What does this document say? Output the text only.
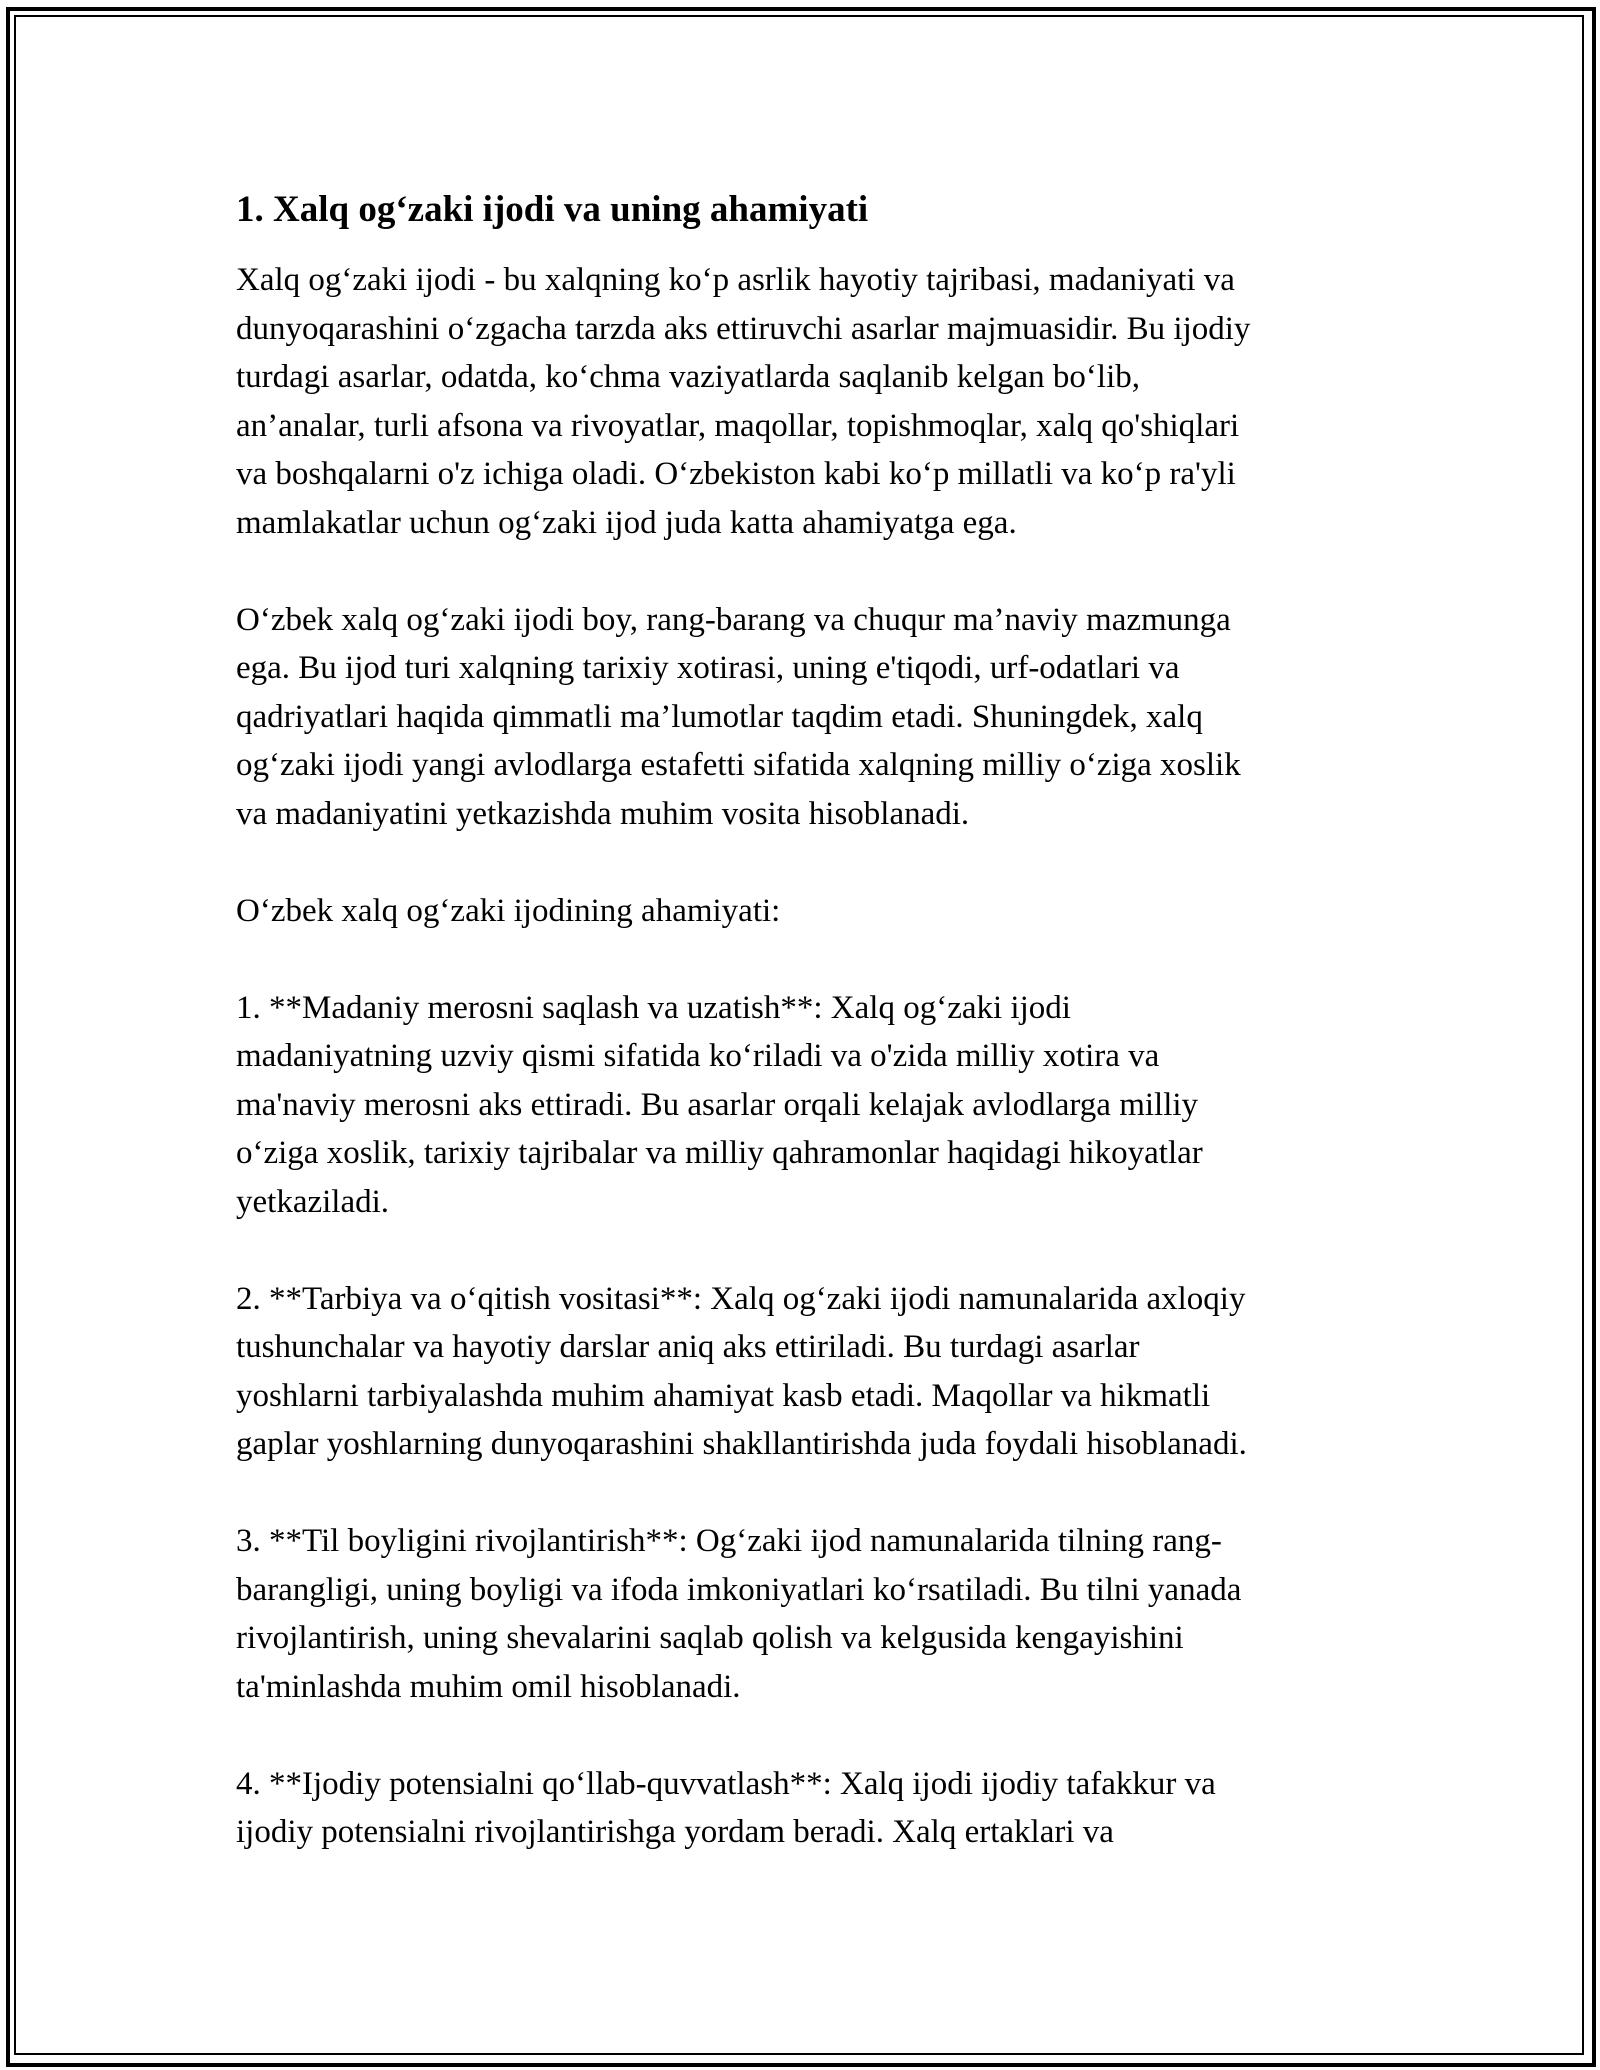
1. Xalq og‘zaki ijodi va uning ahamiyati

Xalq og‘zaki ijodi - bu xalqning ko‘p asrlik hayotiy tajribasi, madaniyati va
dunyoqarashini o‘zgacha tarzda aks ettiruvchi asarlar majmuasidir. Bu ijodiy
turdagi asarlar, odatda, ko‘chma vaziyatlarda saqlanib kelgan bo‘lib,
an’analar, turli afsona va rivoyatlar, maqollar, topishmoqlar, xalq qo'shiqlari
va boshqalarni o'z ichiga oladi. O‘zbekiston kabi ko‘p millatli va ko‘p ra'yli
mamlakatlar uchun og‘zaki ijod juda katta ahamiyatga ega.

O‘zbek xalq og‘zaki ijodi boy, rang-barang va chuqur ma’naviy mazmunga
ega. Bu ijod turi xalqning tarixiy xotirasi, uning e'tiqodi, urf-odatlari va
qadriyatlari haqida qimmatli ma’lumotlar taqdim etadi. Shuningdek, xalq
og‘zaki ijodi yangi avlodlarga estafetti sifatida xalqning milliy o‘ziga xoslik
va madaniyatini yetkazishda muhim vosita hisoblanadi.

O‘zbek xalq og‘zaki ijodining ahamiyati:

1. **Madaniy merosni saqlash va uzatish**: Xalq og‘zaki ijodi
madaniyatning uzviy qismi sifatida ko‘riladi va o'zida milliy xotira va
ma'naviy merosni aks ettiradi. Bu asarlar orqali kelajak avlodlarga milliy
o‘ziga xoslik, tarixiy tajribalar va milliy qahramonlar haqidagi hikoyatlar
yetkaziladi.

2. **Tarbiya va o‘qitish vositasi**: Xalq og‘zaki ijodi namunalarida axloqiy
tushunchalar va hayotiy darslar aniq aks ettiriladi. Bu turdagi asarlar
yoshlarni tarbiyalashda muhim ahamiyat kasb etadi. Maqollar va hikmatli
gaplar yoshlarning dunyoqarashini shakllantirishda juda foydali hisoblanadi.

3. **Til boyligini rivojlantirish**: Og‘zaki ijod namunalarida tilning rang-
barangligi, uning boyligi va ifoda imkoniyatlari ko‘rsatiladi. Bu tilni yanada
rivojlantirish, uning shevalarini saqlab qolish va kelgusida kengayishini
ta'minlashda muhim omil hisoblanadi.

4. **Ijodiy potensialni qo‘llab-quvvatlash**: Xalq ijodi ijodiy tafakkur va
ijodiy potensialni rivojlantirishga yordam beradi. Xalq ertaklari va
